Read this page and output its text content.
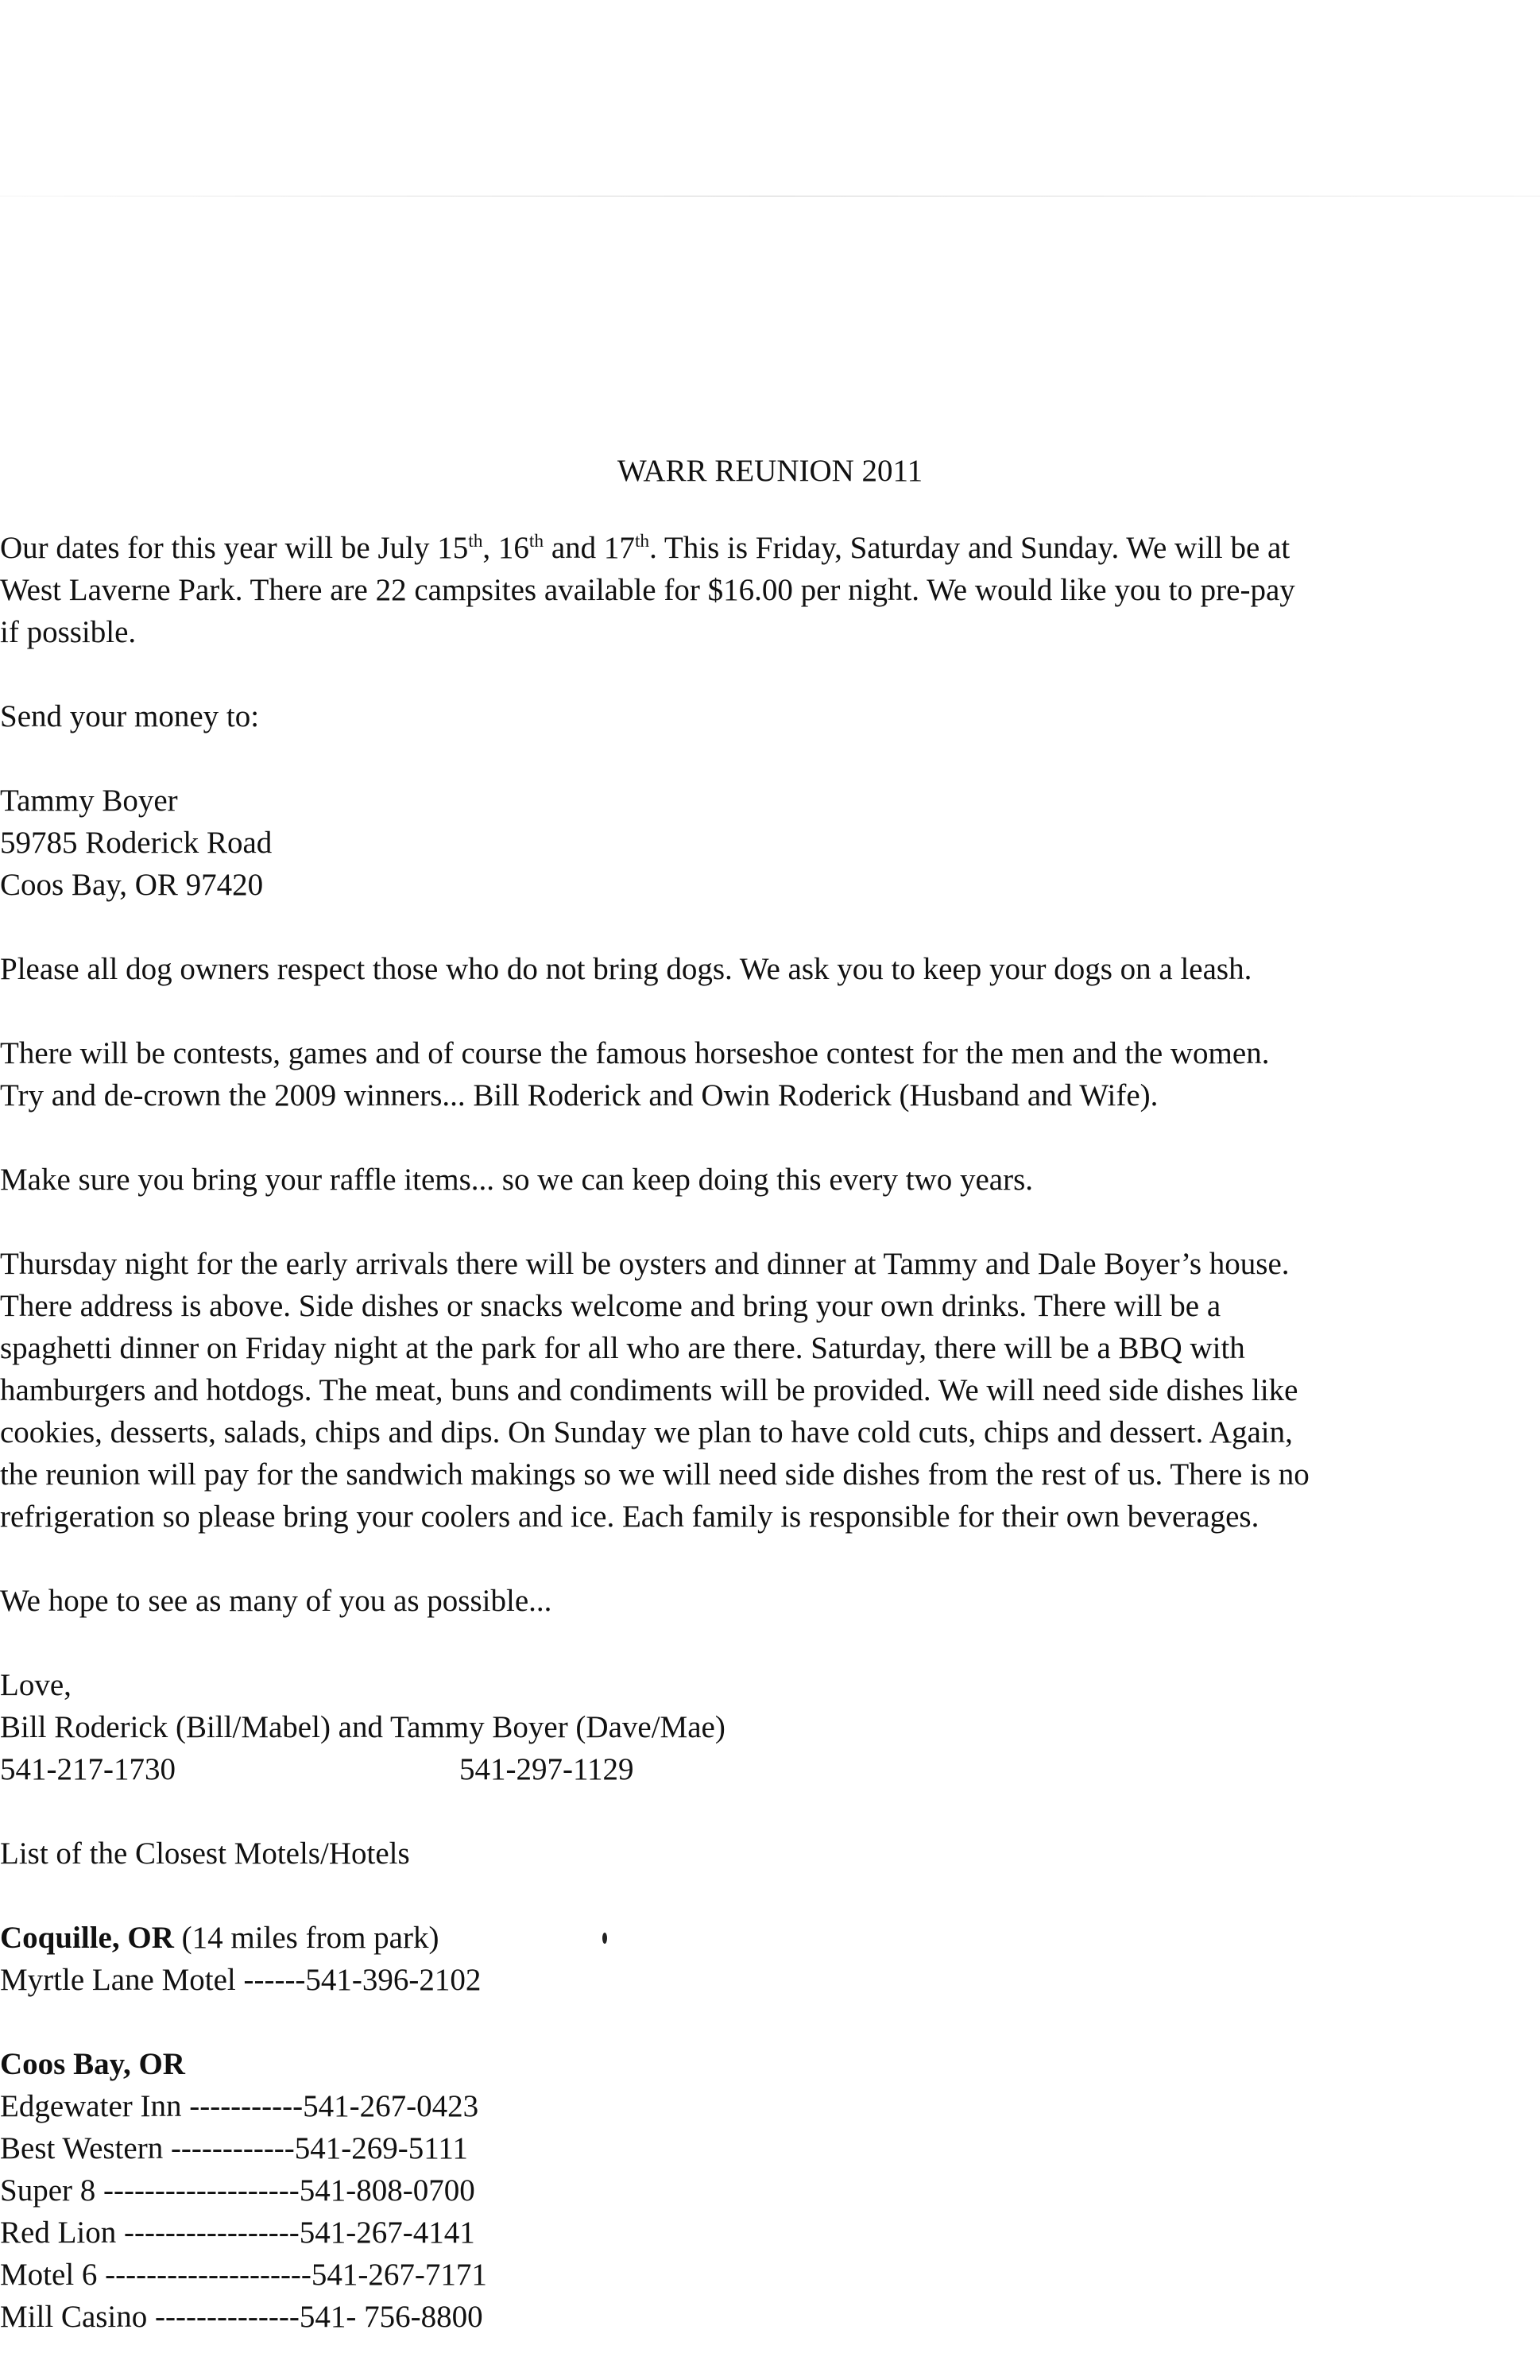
WARR REUNION 2011

Our dates for this year will be July 15th, 16th and 17th. This is Friday, Saturday and Sunday. We will be at
West Laverne Park. There are 22 campsites available for $16.00 per night. We would like you to pre-pay
if possible.

Send your money to:

Tammy Boyer
59785 Roderick Road
Coos Bay, OR 97420

Please all dog owners respect those who do not bring dogs. We ask you to keep your dogs on a leash.

There will be contests, games and of course the famous horseshoe contest for the men and the women.
Try and de-crown the 2009 winners... Bill Roderick and Owin Roderick (Husband and Wife).

Make sure you bring your raffle items... so we can keep doing this every two years.

Thursday night for the early arrivals there will be oysters and dinner at Tammy and Dale Boyer’s house.
There address is above. Side dishes or snacks welcome and bring your own drinks. There will be a
spaghetti dinner on Friday night at the park for all who are there. Saturday, there will be a BBQ with
hamburgers and hotdogs. The meat, buns and condiments will be provided. We will need side dishes like
cookies, desserts, salads, chips and dips. On Sunday we plan to have cold cuts, chips and dessert. Again,
the reunion will pay for the sandwich makings so we will need side dishes from the rest of us. There is no
refrigeration so please bring your coolers and ice. Each family is responsible for their own beverages.

We hope to see as many of you as possible...

Love,
Bill Roderick (Bill/Mabel) and Tammy Boyer (Dave/Mae)
541-217-1730	541-297-1129

List of the Closest Motels/Hotels

Coquille, OR (14 miles from park)
Myrtle Lane Motel ------541-396-2102

Coos Bay, OR
Edgewater Inn -----------541-267-0423
Best Western ------------541-269-5111
Super 8 -------------------541-808-0700
Red Lion -----------------541-267-4141
Motel 6 --------------------541-267-7171
Mill Casino --------------541- 756-8800
